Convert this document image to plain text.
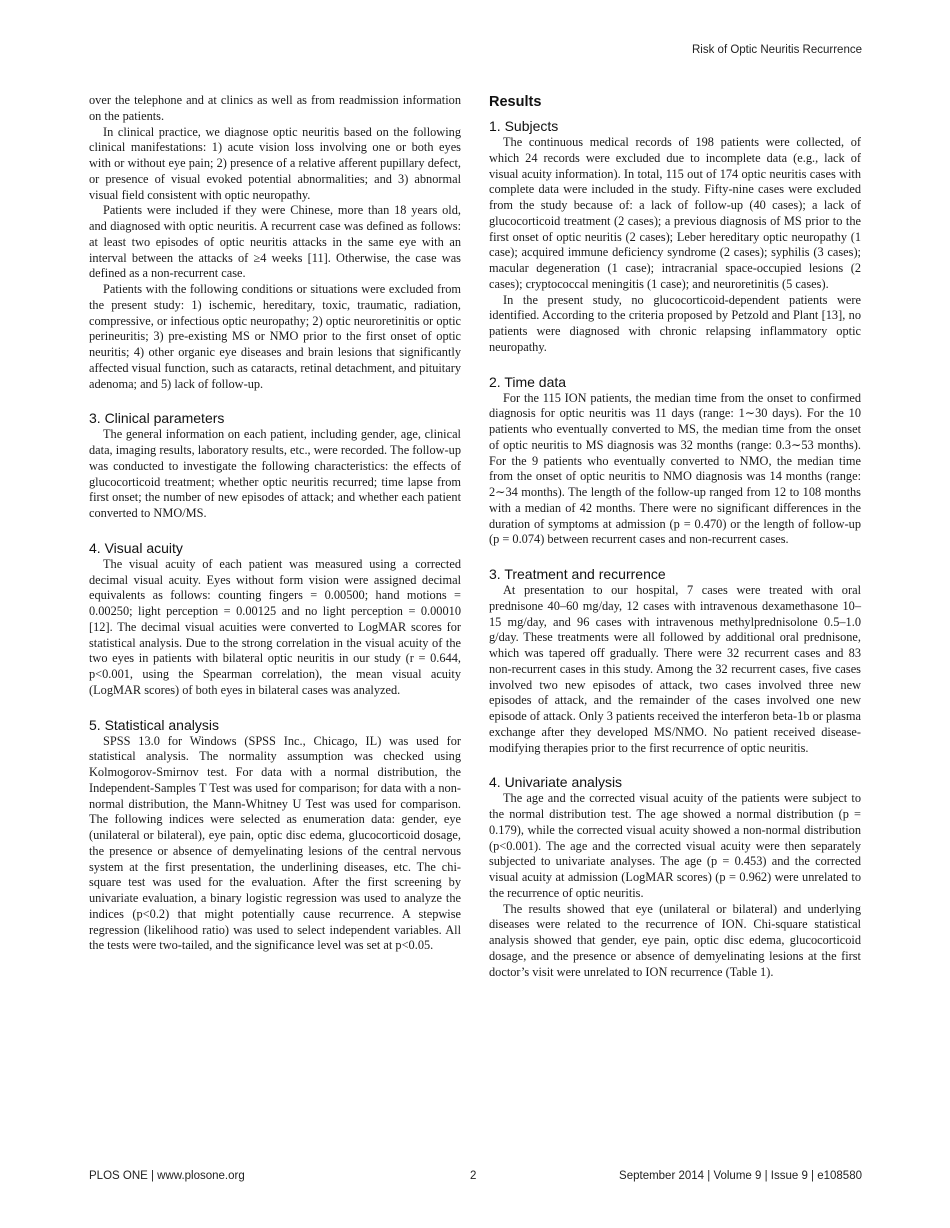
Risk of Optic Neuritis Recurrence

over the telephone and at clinics as well as from readmission information on the patients.

In clinical practice, we diagnose optic neuritis based on the following clinical manifestations: 1) acute vision loss involving one or both eyes with or without eye pain; 2) presence of a relative afferent pupillary defect, or presence of visual evoked potential abnormalities; and 3) abnormal visual field consistent with optic neuropathy.

Patients were included if they were Chinese, more than 18 years old, and diagnosed with optic neuritis. A recurrent case was defined as follows: at least two episodes of optic neuritis attacks in the same eye with an interval between the attacks of ≥4 weeks [11]. Otherwise, the case was defined as a non-recurrent case.

Patients with the following conditions or situations were excluded from the present study: 1) ischemic, hereditary, toxic, traumatic, radiation, compressive, or infectious optic neuropathy; 2) optic neuroretinitis or optic perineuritis; 3) pre-existing MS or NMO prior to the first onset of optic neuritis; 4) other organic eye diseases and brain lesions that significantly affected visual function, such as cataracts, retinal detachment, and pituitary adenoma; and 5) lack of follow-up.

3. Clinical parameters

The general information on each patient, including gender, age, clinical data, imaging results, laboratory results, etc., were recorded. The follow-up was conducted to investigate the following characteristics: the effects of glucocorticoid treatment; whether optic neuritis recurred; time lapse from first onset; the number of new episodes of attack; and whether each patient converted to NMO/MS.

4. Visual acuity

The visual acuity of each patient was measured using a corrected decimal visual acuity. Eyes without form vision were assigned decimal equivalents as follows: counting fingers = 0.00500; hand motions = 0.00250; light perception = 0.00125 and no light perception = 0.00010 [12]. The decimal visual acuities were converted to LogMAR scores for statistical analysis. Due to the strong correlation in the visual acuity of the two eyes in patients with bilateral optic neuritis in our study (r = 0.644, p<0.001, using the Spearman correlation), the mean visual acuity (LogMAR scores) of both eyes in bilateral cases was analyzed.

5. Statistical analysis

SPSS 13.0 for Windows (SPSS Inc., Chicago, IL) was used for statistical analysis. The normality assumption was checked using Kolmogorov-Smirnov test. For data with a normal distribution, the Independent-Samples T Test was used for comparison; for data with a non-normal distribution, the Mann-Whitney U Test was used for comparison. The following indices were selected as enumeration data: gender, eye (unilateral or bilateral), eye pain, optic disc edema, glucocorticoid dosage, the presence or absence of demyelinating lesions of the central nervous system at the first presentation, the underlining diseases, etc. The chi-square test was used for the evaluation. After the first screening by univariate evaluation, a binary logistic regression was used to analyze the indices (p<0.2) that might potentially cause recurrence. A stepwise regression (likelihood ratio) was used to select independent variables. All the tests were two-tailed, and the significance level was set at p<0.05.

Results
1. Subjects

The continuous medical records of 198 patients were collected, of which 24 records were excluded due to incomplete data (e.g., lack of visual acuity information). In total, 115 out of 174 optic neuritis cases with complete data were included in the study. Fifty-nine cases were excluded from the study because of: a lack of follow-up (40 cases); a lack of glucocorticoid treatment (2 cases); a previous diagnosis of MS prior to the first onset of optic neuritis (2 cases); Leber hereditary optic neuropathy (1 case); acquired immune deficiency syndrome (2 cases); syphilis (3 cases); macular degeneration (1 case); intracranial space-occupied lesions (2 cases); cryptococcal meningitis (1 case); and neuroretinitis (5 cases).

In the present study, no glucocorticoid-dependent patients were identified. According to the criteria proposed by Petzold and Plant [13], no patients were diagnosed with chronic relapsing inflammatory optic neuropathy.

2. Time data

For the 115 ION patients, the median time from the onset to confirmed diagnosis for optic neuritis was 11 days (range: 1∼30 days). For the 10 patients who eventually converted to MS, the median time from the onset of optic neuritis to MS diagnosis was 32 months (range: 0.3∼53 months). For the 9 patients who eventually converted to NMO, the median time from the onset of optic neuritis to NMO diagnosis was 14 months (range: 2∼34 months). The length of the follow-up ranged from 12 to 108 months with a median of 42 months. There were no significant differences in the duration of symptoms at admission (p = 0.470) or the length of follow-up (p = 0.074) between recurrent cases and non-recurrent cases.

3. Treatment and recurrence

At presentation to our hospital, 7 cases were treated with oral prednisone 40–60 mg/day, 12 cases with intravenous dexamethasone 10–15 mg/day, and 96 cases with intravenous methylprednisolone 0.5–1.0 g/day. These treatments were all followed by additional oral prednisone, which was tapered off gradually. There were 32 recurrent cases and 83 non-recurrent cases in this study. Among the 32 recurrent cases, five cases involved two new episodes of attack, two cases involved three new episodes of attack, and the remainder of the cases involved one new episode of attack. Only 3 patients received the interferon beta-1b or plasma exchange after they developed MS/NMO. No patient received disease-modifying therapies prior to the first recurrence of optic neuritis.

4. Univariate analysis

The age and the corrected visual acuity of the patients were subject to the normal distribution test. The age showed a normal distribution (p = 0.179), while the corrected visual acuity showed a non-normal distribution (p<0.001). The age and the corrected visual acuity were then separately subjected to univariate analyses. The age (p = 0.453) and the corrected visual acuity at admission (LogMAR scores) (p = 0.962) were unrelated to the recurrence of optic neuritis.

The results showed that eye (unilateral or bilateral) and underlying diseases were related to the recurrence of ION. Chi-square statistical analysis showed that gender, eye pain, optic disc edema, glucocorticoid dosage, and the presence or absence of demyelinating lesions at the first doctor’s visit were unrelated to ION recurrence (Table 1).

PLOS ONE | www.plosone.org	2	September 2014 | Volume 9 | Issue 9 | e108580
